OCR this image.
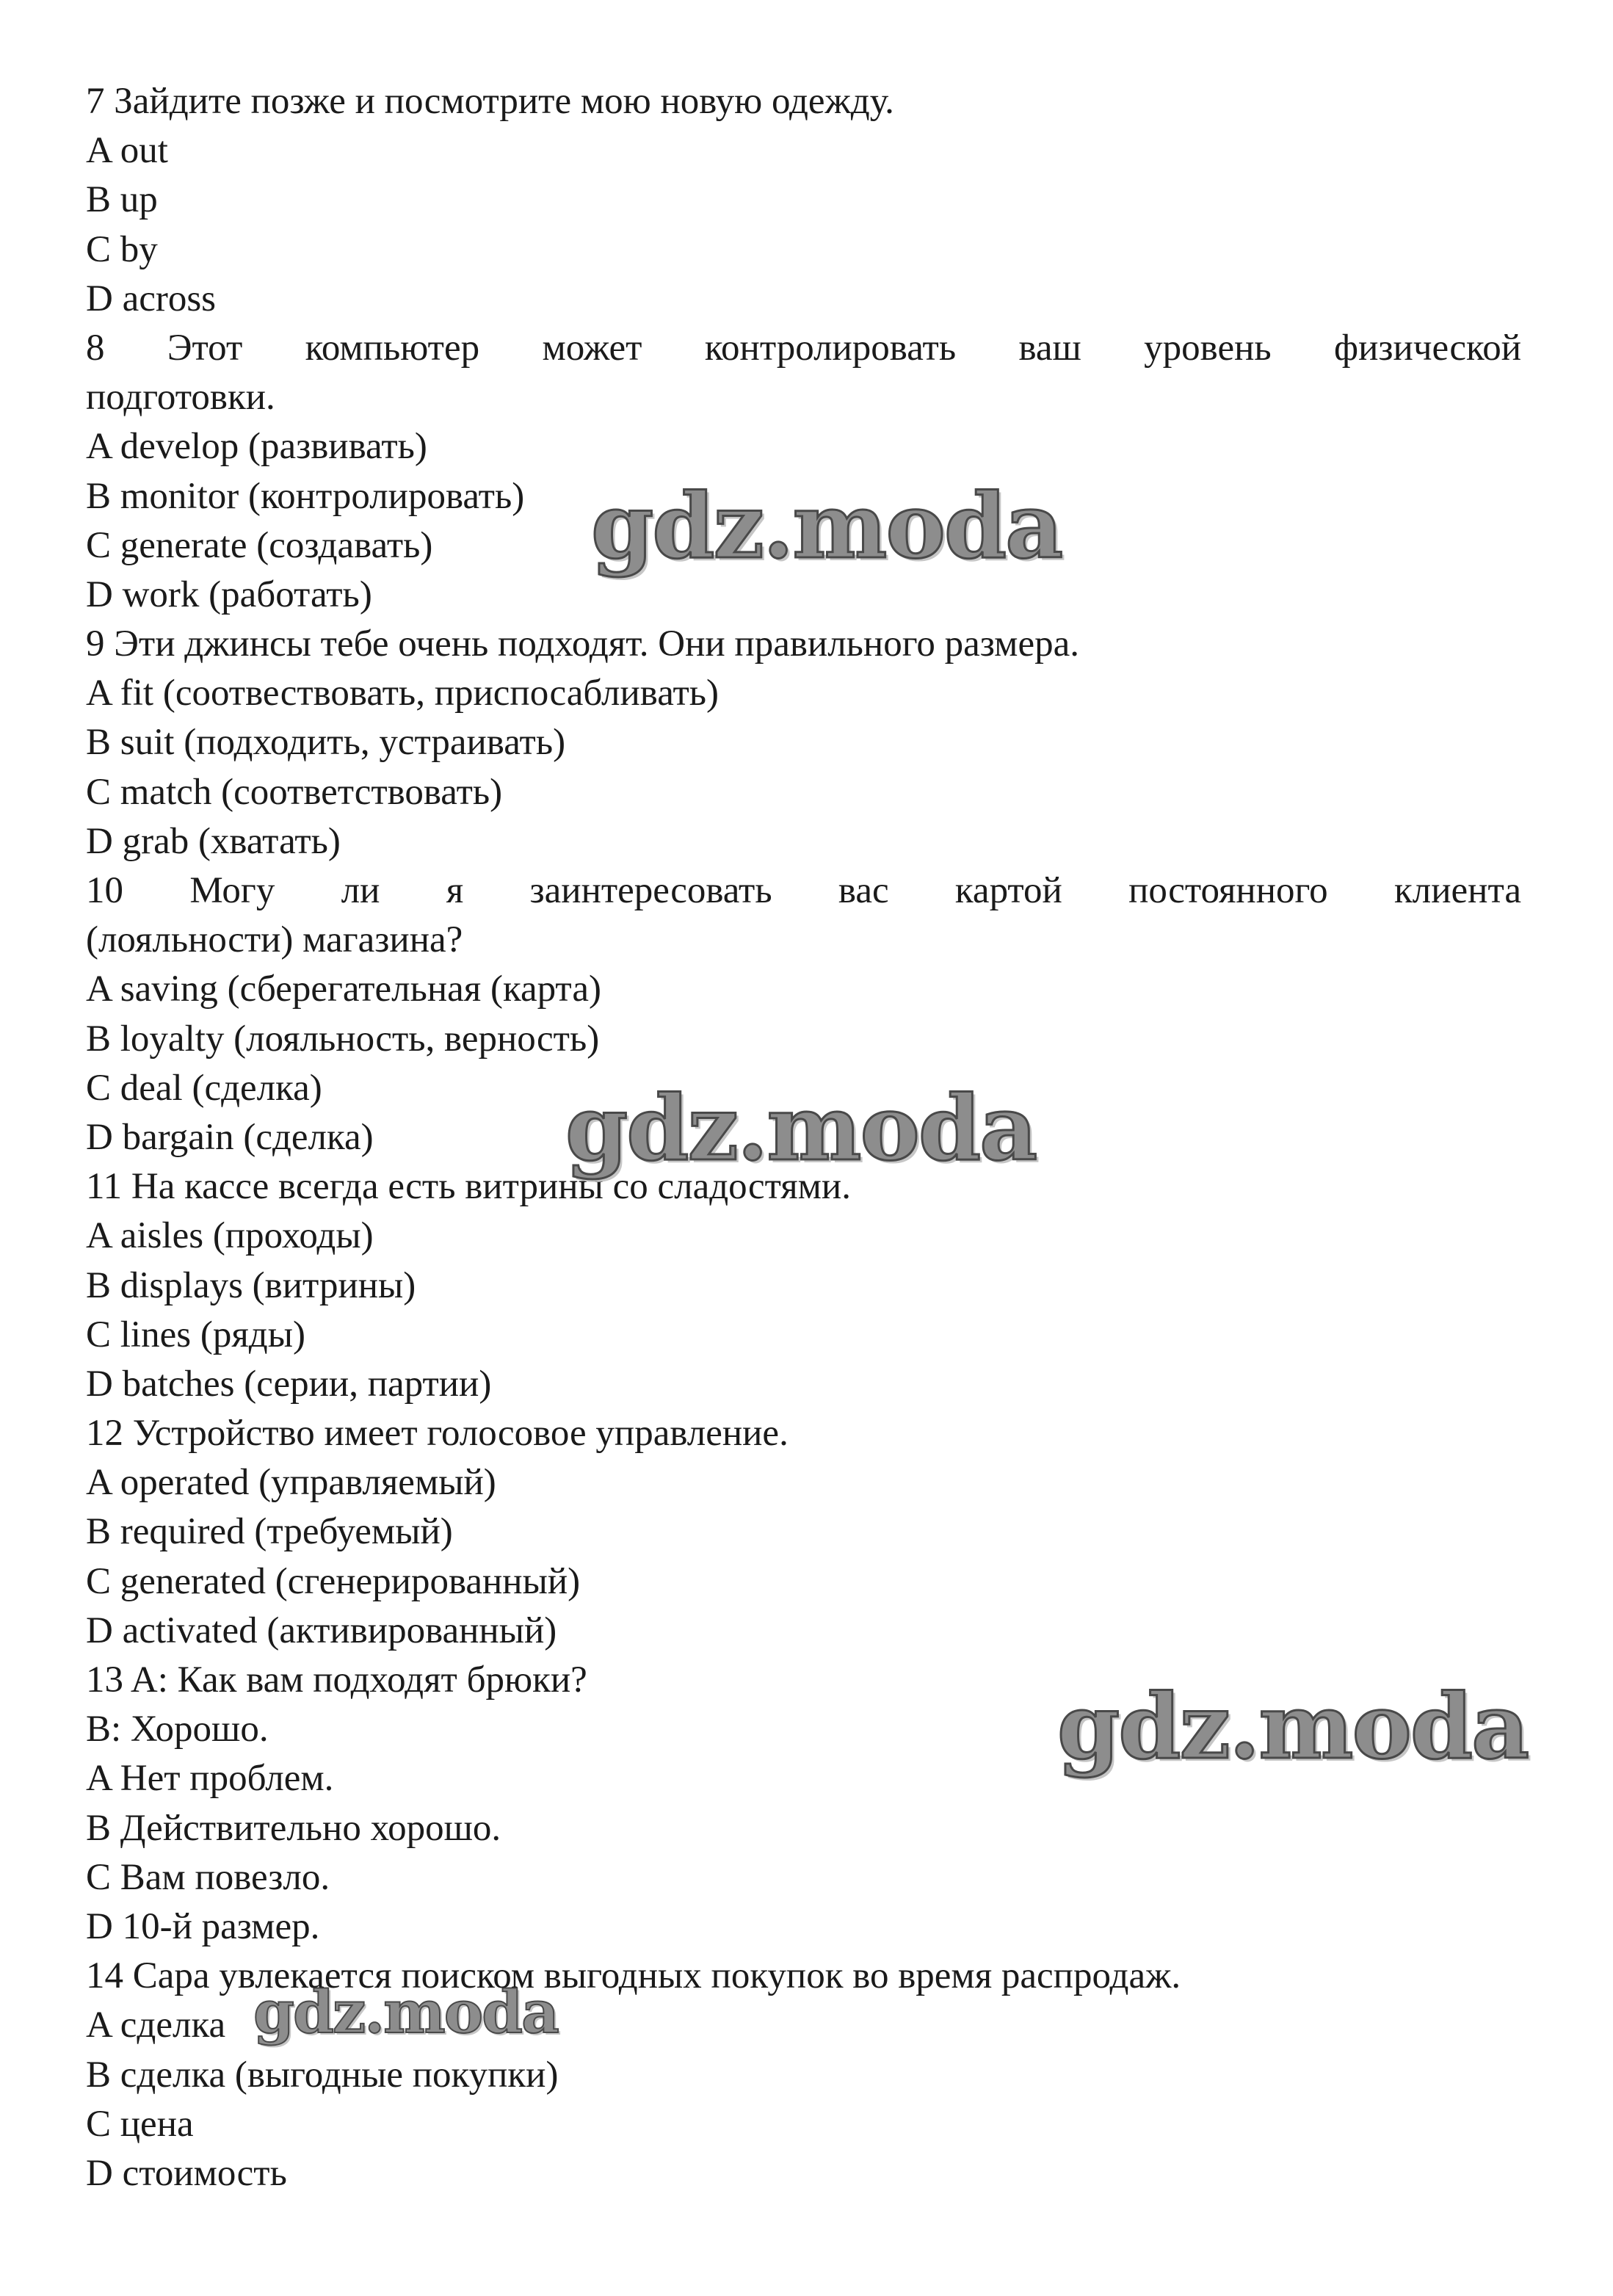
7 Зайдите позже и посмотрите мою новую одежду.
A out
B up
C by
D across
8 Этот компьютер может контролировать ваш уровень физической
подготовки.
A develop (развивать)
B monitor (контролировать)
C generate (создавать)
D work (работать)
9 Эти джинсы тебе очень подходят. Они правильного размера.
A fit (соотвествовать, приспосабливать)
B suit (подходить, устраивать)
C match (соответствовать)
D grab (хватать)
10 Могу ли я заинтересовать вас картой постоянного клиента
(лояльности) магазина?
A saving (сберегательная (карта)
B loyalty (лояльность, верность)
C deal (сделка)
D bargain (сделка)
11 На кассе всегда есть витрины со сладостями.
A aisles (проходы)
B displays (витрины)
C lines (ряды)
D batches (серии, партии)
12 Устройство имеет голосовое управление.
A operated (управляемый)
B required (требуемый)
C generated (сгенерированный)
D activated (активированный)
13 A: Как вам подходят брюки?
B: Хорошо.
A Нет проблем.
B Действительно хорошо.
C Вам повезло.
D 10-й размер.
14 Сара увлекается поиском выгодных покупок во время распродаж.
A сделка
B сделка (выгодные покупки)
C цена
D стоимость
gdz.moda
gdz.moda
gdz.moda
gdz.moda
